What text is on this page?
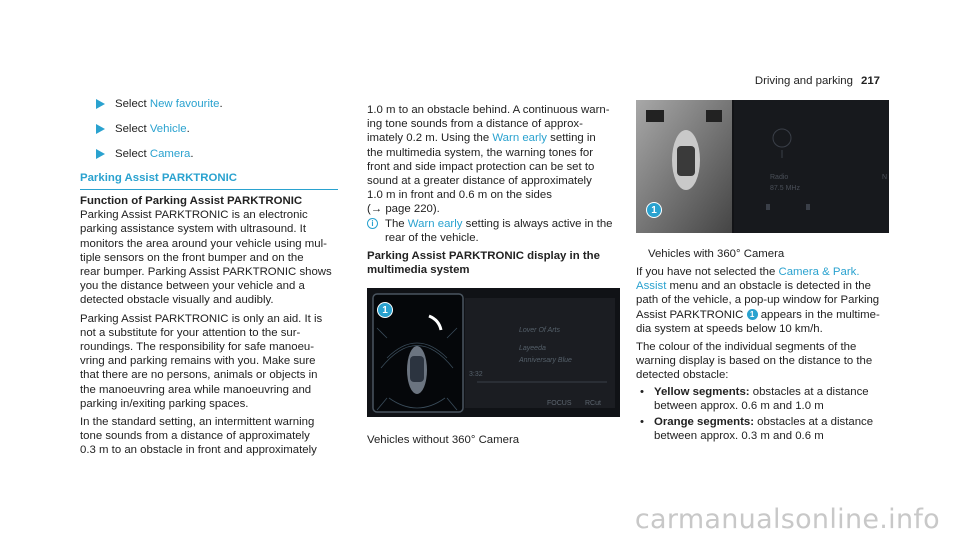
Driving and parking 217
Select
New favourite .
Select
Vehicle .
Select
Camera .
Parking Assist PARKTRONIC
Function of Parking Assist PARKTRONIC
Parking Assist PARKTRONIC is an electronic
parking assistance system with ultrasound. It
monitors the area around your vehicle using mul-
tiple sensors on the front bumper and on the
rear bumper. Parking Assist PARKTRONIC shows
you the distance between your vehicle and a
detected obstacle visually and audibly.
Parking Assist PARKTRONIC is only an aid. It is
not a substitute for your attention to the sur-
roundings. The responsibility for safe manoeu-
vring and parking remains with you. Make sure
that there are no persons, animals or objects in
the manoeuvring area while manoeuvring and
parking in/exiting parking spaces.
In the standard setting, an intermittent warning
tone sounds from a distance of approximately
0.3 m to an obstacle in front and approximately
1.0 m to an obstacle behind. A continuous warn-
ing tone sounds from a distance of approx-
imately 0.2 m. Using the Warn early setting in
the multimedia system, the warning tones for
front and side impact protection can be set to
sound at a greater distance of approximately
1.0 m in front and 0.6 m on the sides
(→ page 220).
i The Warn early setting is always active in the
rear of the vehicle.
Parking Assist PARKTRONIC display in the
multimedia system
Lover Of Arts
Layeeda
Anniversary Blue
3:32
FOCUS RCut
1
Vehicles without 360° Camera
Radio
87.5 MHz
N
1
Vehicles with 360° Camera
If you have not selected the Camera & Park.
Assist menu and an obstacle is detected in the
path of the vehicle, a pop-up window for Parking
Assist PARKTRONIC 1 appears in the multime-
dia system at speeds below 10 km/h.
The colour of the individual segments of the
warning display is based on the distance to the
detected obstacle:
• Yellow segments: obstacles at a distance
between approx. 0.6 m and 1.0 m
• Orange segments: obstacles at a distance
between approx. 0.3 m and 0.6 m
carmanualsonline.info
